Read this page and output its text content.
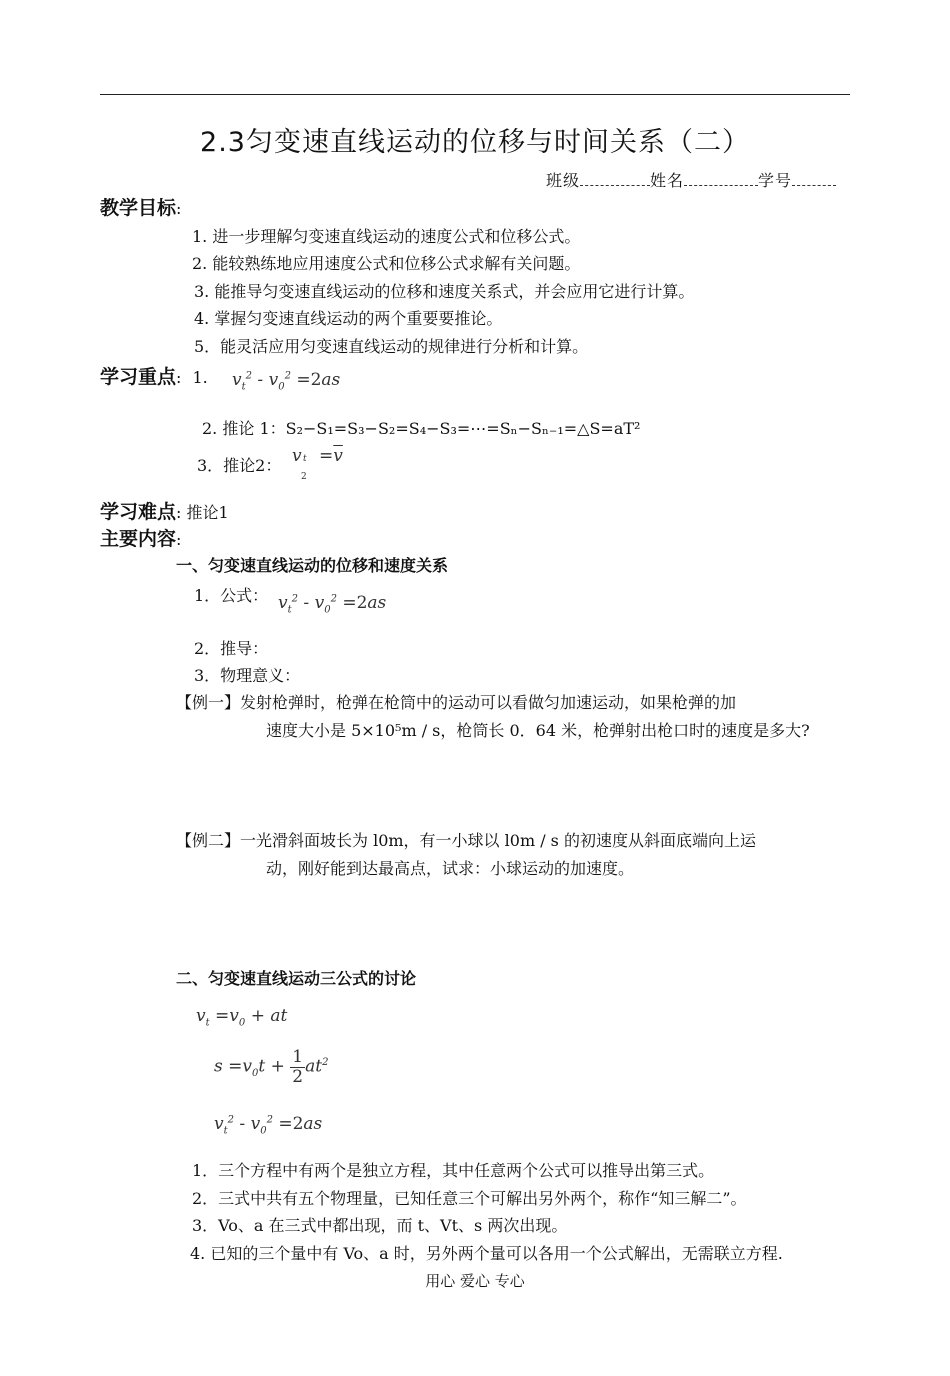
2.3匀变速直线运动的位移与时间关系（二）
班级	姓名	学号
教学目标:
1. 进一步理解匀变速直线运动的速度公式和位移公式。
2. 能较熟练地应用速度公式和位移公式求解有关问题。
3. 能推导匀变速直线运动的位移和速度关系式，并会应用它进行计算。
4. 掌握匀变速直线运动的两个重要要推论。
5．能灵活应用匀变速直线运动的规律进行分析和计算。
学习重点: 1. $v_t^2 - v_0^2 =2as$
2. 推论 1：S₂−S₁=S₃−S₂=S₄−S₃=⋯=Sₙ−Sₙ₋₁=△S=aT²
3．推论2： v t
2
$=\overline{v}$
学习难点: 推论1
主要内容:
一、匀变速直线运动的位移和速度关系
1．公式： $v_t^2 - v_0^2 =2as$
2．推导：
3．物理意义：
【例一】发射枪弹时，枪弹在枪筒中的运动可以看做匀加速运动，如果枪弹的加
速度大小是 5×10⁵m / s，枪筒长 0．64 米，枪弹射出枪口时的速度是多大?
【例二】一光滑斜面坡长为 l0m，有一小球以 l0m / s 的初速度从斜面底端向上运
动，刚好能到达最高点，试求：小球运动的加速度。
二、匀变速直线运动三公式的讨论
$v_t =v_0$ + at
$s =v_0t + \frac{1}{2} at^2$
$v_t^2 - v_0^2 =2as$
1．三个方程中有两个是独立方程，其中任意两个公式可以推导出第三式。
2．三式中共有五个物理量，已知任意三个可解出另外两个，称作“知三解二”。
3．Vo、a 在三式中都出现，而 t、Vt、s 两次出现。
4. 已知的三个量中有 Vo、a 时，另外两个量可以各用一个公式解出，无需联立方程.
用心 爱心 专心
